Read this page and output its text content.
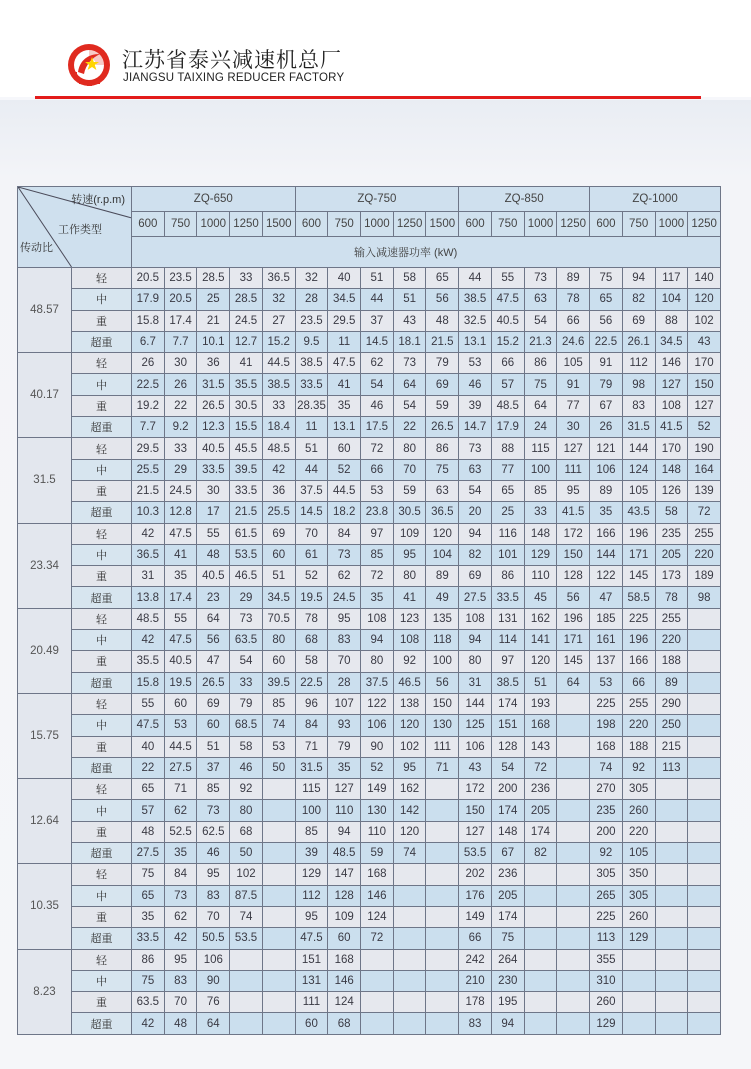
江苏省泰兴减速机总厂
JIANGSU TAIXING REDUCER FACTORY
转速(r.p.m)
工作类型
传动比		ZQ-650					ZQ-750					ZQ-850				ZQ-1000			
		600	750	1000	1250	1500	600	750	1000	1250	1500	600	750	1000	1250	600	750	1000	1250
		输入减速器功率 (kW)																	
48.57	轻	20.5	23.5	28.5	33	36.5	32	40	51	58	65	44	55	73	89	75	94	117	140
	中	17.9	20.5	25	28.5	32	28	34.5	44	51	56	38.5	47.5	63	78	65	82	104	120
	重	15.8	17.4	21	24.5	27	23.5	29.5	37	43	48	32.5	40.5	54	66	56	69	88	102
	超重	6.7	7.7	10.1	12.7	15.2	9.5	11	14.5	18.1	21.5	13.1	15.2	21.3	24.6	22.5	26.1	34.5	43
40.17	轻	26	30	36	41	44.5	38.5	47.5	62	73	79	53	66	86	105	91	112	146	170
	中	22.5	26	31.5	35.5	38.5	33.5	41	54	64	69	46	57	75	91	79	98	127	150
	重	19.2	22	26.5	30.5	33	28.35	35	46	54	59	39	48.5	64	77	67	83	108	127
	超重	7.7	9.2	12.3	15.5	18.4	11	13.1	17.5	22	26.5	14.7	17.9	24	30	26	31.5	41.5	52
31.5	轻	29.5	33	40.5	45.5	48.5	51	60	72	80	86	73	88	115	127	121	144	170	190
	中	25.5	29	33.5	39.5	42	44	52	66	70	75	63	77	100	111	106	124	148	164
	重	21.5	24.5	30	33.5	36	37.5	44.5	53	59	63	54	65	85	95	89	105	126	139
	超重	10.3	12.8	17	21.5	25.5	14.5	18.2	23.8	30.5	36.5	20	25	33	41.5	35	43.5	58	72
23.34	轻	42	47.5	55	61.5	69	70	84	97	109	120	94	116	148	172	166	196	235	255
	中	36.5	41	48	53.5	60	61	73	85	95	104	82	101	129	150	144	171	205	220
	重	31	35	40.5	46.5	51	52	62	72	80	89	69	86	110	128	122	145	173	189
	超重	13.8	17.4	23	29	34.5	19.5	24.5	35	41	49	27.5	33.5	45	56	47	58.5	78	98
20.49	轻	48.5	55	64	73	70.5	78	95	108	123	135	108	131	162	196	185	225	255	
	中	42	47.5	56	63.5	80	68	83	94	108	118	94	114	141	171	161	196	220	
	重	35.5	40.5	47	54	60	58	70	80	92	100	80	97	120	145	137	166	188	
	超重	15.8	19.5	26.5	33	39.5	22.5	28	37.5	46.5	56	31	38.5	51	64	53	66	89	
15.75	轻	55	60	69	79	85	96	107	122	138	150	144	174	193		225	255	290	
	中	47.5	53	60	68.5	74	84	93	106	120	130	125	151	168		198	220	250	
	重	40	44.5	51	58	53	71	79	90	102	111	106	128	143		168	188	215	
	超重	22	27.5	37	46	50	31.5	35	52	95	71	43	54	72		74	92	113	
12.64	轻	65	71	85	92		115	127	149	162		172	200	236		270	305		
	中	57	62	73	80		100	110	130	142		150	174	205		235	260		
	重	48	52.5	62.5	68		85	94	110	120		127	148	174		200	220		
	超重	27.5	35	46	50		39	48.5	59	74		53.5	67	82		92	105		
10.35	轻	75	84	95	102		129	147	168			202	236			305	350		
	中	65	73	83	87.5		112	128	146			176	205			265	305		
	重	35	62	70	74		95	109	124			149	174			225	260		
	超重	33.5	42	50.5	53.5		47.5	60	72			66	75			113	129		
8.23	轻	86	95	106			151	168				242	264			355			
	中	75	83	90			131	146				210	230			310			
	重	63.5	70	76			111	124				178	195			260			
	超重	42	48	64			60	68				83	94			129			
